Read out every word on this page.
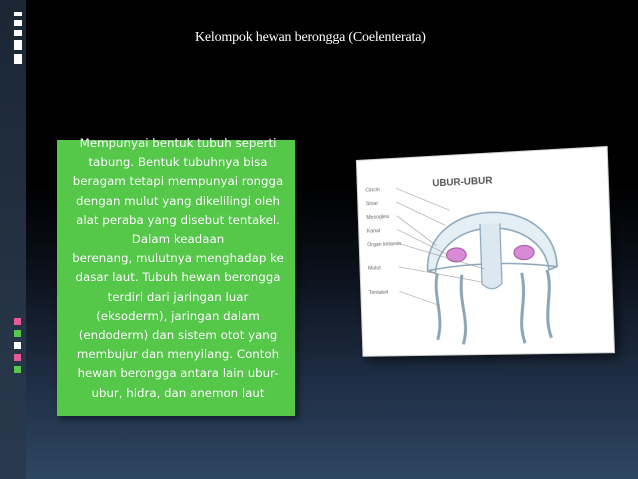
Kelompok hewan berongga (Coelenterata)
Mempunyai bentuk tubuh seperti
tabung. Bentuk tubuhnya bisa
beragam tetapi mempunyai rongga
dengan mulut yang dikelilingi oleh
alat peraba yang disebut tentakel.
Dalam keadaan
berenang, mulutnya menghadap ke
dasar laut. Tubuh hewan berongga
terdiri dari jaringan luar
(eksoderm), jaringan dalam
(endoderm) dan sistem otot yang
membujur dan menyilang. Contoh
hewan berongga antara lain ubur-
ubur, hidra, dan anemon laut
UBUR-UBUR
Cincin
Sinar
Mesoglea
Kanal
Organ kelamin
Mulut
Tentakel
